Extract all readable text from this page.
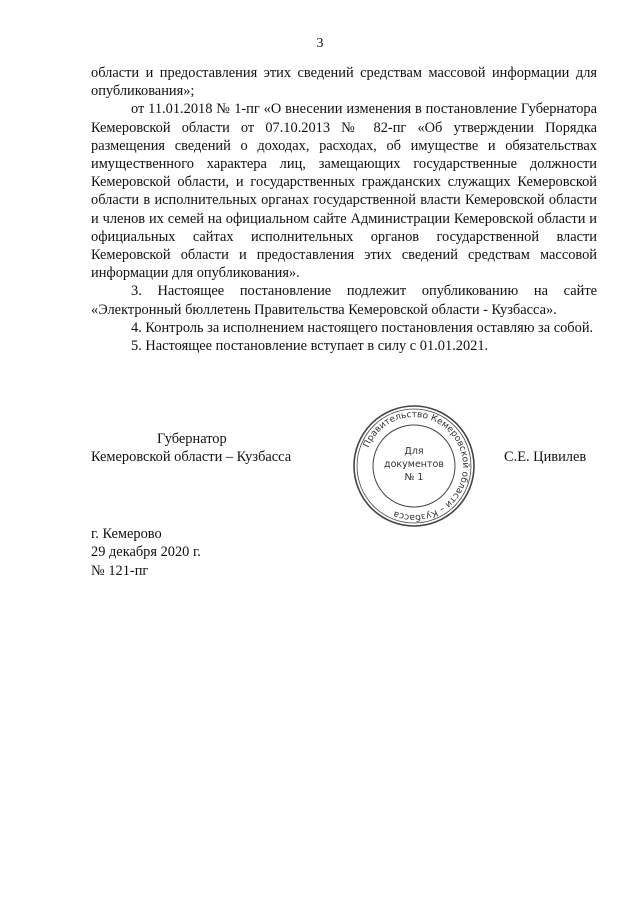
3

области и предоставления этих сведений средствам массовой информации для опубликования»;

от 11.01.2018 № 1-пг «О внесении изменения в постановление Губернатора Кемеровской области от 07.10.2013 № 82-пг «Об утверждении Порядка размещения сведений о доходах, расходах, об имуществе и обязательствах имущественного характера лиц, замещающих государственные должности Кемеровской области, и государственных гражданских служащих Кемеровской области в исполнительных органах государственной власти Кемеровской области и членов их семей на официальном сайте Администрации Кемеровской области и официальных сайтах исполнительных органов государственной власти Кемеровской области и предоставления этих сведений средствам массовой информации для опубликования».

3. Настоящее постановление подлежит опубликованию на сайте «Электронный бюллетень Правительства Кемеровской области - Кузбасса».

4. Контроль за исполнением настоящего постановления оставляю за собой.

5. Настоящее постановление вступает в силу с 01.01.2021.

Губернатор
Кемеровской области – Кузбасса	С.Е. Цивилев
Правительство Кемеровской области – Кузбасса
Для
документов
№ 1
г. Кемерово
29 декабря 2020 г.
№ 121-пг
